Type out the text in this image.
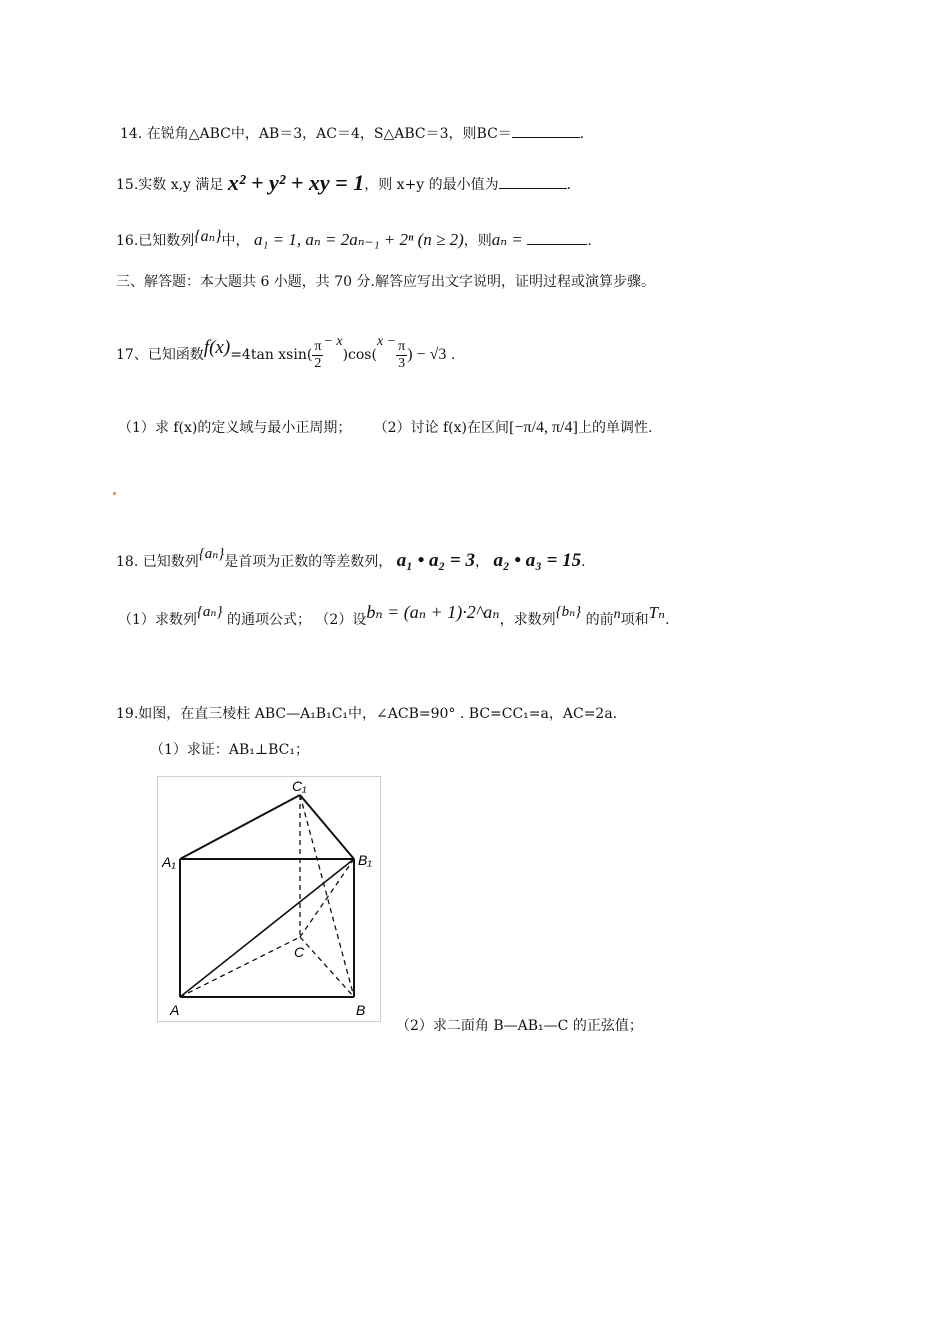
14. 在锐角△ABC中，AB＝3，AC＝4，S△ABC＝3，则BC＝	.
15.实数 x,y 满足 x² + y² + xy = 1，则 x+y 的最小值为	.
16.已知数列{aₙ}中， a₁ = 1, aₙ = 2aₙ₋₁ + 2ⁿ (n ≥ 2)，则aₙ =	.
三、解答题：本大题共 6 小题，共 70 分.解答应写出文字说明，证明过程或演算步骤。
17、已知函数f(x)=4tan $xsin( \frac{\pi}{2} - x)\cos(x - \frac{\pi}{3}$ ) − √3 .
（1）求 f(x)的定义域与最小正周期； （2）讨论 f(x)在区间[−π/4, π/4]上的单调性.
18. 已知数列{aₙ}是首项为正数的等差数列， a₁ • a₂ = 3， a₂ • a₃ = 15.
（1）求数列{aₙ} 的通项公式； （2）设bₙ = (aₙ + 1)·2^aₙ，求数列{bₙ} 的前n项和Tₙ.
19.如图，在直三棱柱 ABC—A₁B₁C₁中，∠ACB=90° . BC=CC₁=a，AC=2a.
（1）求证：AB₁⊥BC₁；
C₁
A₁	B₁
C
A	B
（2）求二面角 B—AB₁—C 的正弦值；
